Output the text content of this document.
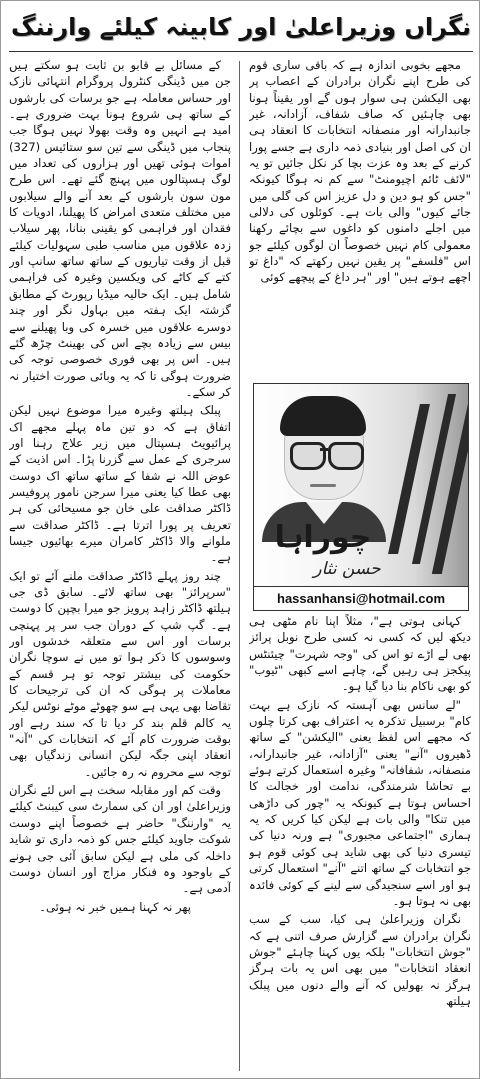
نگراں وزیراعلیٰ اور کابینہ کیلئے وارننگ

مجھے بخوبی اندازہ ہے کہ باقی ساری قوم کی طرح اپنے نگران برادران کے اعصاب پر بھی الیکشن ہی سوار ہوں گے اور یقیناً ہونا بھی چاہئیں کہ صاف شفاف، آزادانہ، غیر جانبدارانہ اور منصفانہ انتخابات کا انعقاد ہی ان کی اصل اور بنیادی ذمہ داری ہے جسے پورا کرنے کے بعد وہ عزت بچا کر نکل جائیں تو یہ "لائف ٹائم اچیومنٹ" سے کم نہ ہوگا کیونکہ "جس کو ہو دین و دل عزیز اس کی گلی میں جائے کیوں" والی بات ہے۔ کوئلوں کی دلالی میں اجلے دامنوں کو داغوں سے بچائے رکھنا معمولی کام نہیں خصوصاً ان لوگوں کیلئے جو اس "فلسفے" پر یقین نہیں رکھتے کہ "داغ تو اچھے ہوتے ہیں" اور "ہر داغ کے پیچھے کوئی

چوراہا
حسن نثار
hassanhansi@hotmail.com

کہانی ہوتی ہے"، مثلاً اپنا نام مٹھی ہی دیکھ لیں کہ کسی نہ کسی طرح نوبل پرائز بھی لے اڑے تو اس کی "وجہ شہرت" چیئنٹس پیکجز ہی رہیں گے، چاہے اسے کبھی "ٹیوب" کو بھی ناکام بنا دیا گیا ہو۔

"لے سانس بھی آہستہ کہ نازک ہے بہت کام" برسبیل تذکرہ یہ اعتراف بھی کرتا چلوں کہ مجھے اس لفظ یعنی "الیکشن" کے ساتھ ڈھیروں "آنے" یعنی "آزادانہ، غیر جانبدارانہ، منصفانہ، شفافانہ" وغیرہ استعمال کرتے ہوئے بے تحاشا شرمندگی، ندامت اور خجالت کا احساس ہوتا ہے کیونکہ یہ "چور کی داڑھی میں تنکا" والی بات ہے لیکن کیا کریں کہ یہ ہماری "اجتماعی مجبوری" ہے ورنہ دنیا کی تیسری دنیا کی بھی شاید ہی کوئی قوم ہو جو انتخابات کے ساتھ اتنے "آنے" استعمال کرتی ہو اور اسے سنجیدگی سے لینے کے کوئی فائدہ بھی نہ ہوتا ہو۔

نگران وزیراعلیٰ ہی کیا، سب کے سب نگران برادران سے گزارش صرف اتنی ہے کہ "جوش انتخابات" بلکہ یوں کہنا چاہئے "جوش انعقاد انتخابات" میں بھی اس یہ بات ہرگز ہرگز نہ بھولیں کہ آنے والے دنوں میں پبلک ہیلتھ

کے مسائل بے قابو بن ثابت ہو سکتے ہیں جن میں ڈینگی کنٹرول پروگرام انتہائی نازک اور حساس معاملہ ہے جو برسات کی بارشوں کے ساتھ ہی شروع ہونا بہت ضروری ہے۔ امید ہے انہیں وہ وقت بھولا نہیں ہوگا جب پنجاب میں ڈینگی سے تین سو ستائیس (327) اموات ہوئی تھیں اور ہزاروں کی تعداد میں لوگ ہسپتالوں میں پہنچ گئے تھے۔ اس طرح مون سون بارشوں کے بعد آنے والے سیلابوں میں مختلف متعدی امراض کا پھیلنا، ادویات کا فقدان اور فراہمی کو یقینی بنانا، پھر سیلاب زدہ علاقوں میں مناسب طبی سہولیات کیلئے قبل از وقت تیاریوں کے ساتھ ساتھ سانپ اور کتے کے کاٹے کی ویکسین وغیرہ کی فراہمی شامل ہیں۔ ایک حالیہ میڈیا رپورٹ کے مطابق گزشتہ ایک ہفتہ میں بہاول نگر اور چند دوسرے علاقوں میں خسرہ کی وبا پھیلنے سے بیس سے زیادہ بچے اس کی بھینٹ چڑھ گئے ہیں۔ اس پر بھی فوری خصوصی توجہ کی ضرورت ہوگی تا کہ یہ وبائی صورت اختیار نہ کر سکے۔

پبلک ہیلتھ وغیرہ میرا موضوع نہیں لیکن اتفاق ہے کہ دو تین ماہ پہلے مجھے اک پرائیویٹ ہسپتال میں زیر علاج رہنا اور سرجری کے عمل سے گزرنا پڑا۔ اس اذیت کے عوض اللہ نے شفا کے ساتھ ساتھ اک دوست بھی عطا کیا یعنی میرا سرجن نامور پروفیسر ڈاکٹر صداقت علی خان جو مسیحائی کی ہر تعریف پر پورا اترتا ہے۔ ڈاکٹر صداقت سے ملوانے والا ڈاکٹر کامران میرے بھائیوں جیسا ہے۔

چند روز پہلے ڈاکٹر صداقت ملنے آئے تو ایک "سرپرائز" بھی ساتھ لائے۔ سابق ڈی جی ہیلتھ ڈاکٹر زاہد پرویز جو میرا بچپن کا دوست ہے۔ گپ شپ کے دوران جب سر پر پہنچی برسات اور اس سے متعلقہ خدشوں اور وسوسوں کا ذکر ہوا تو میں نے سوچا نگران حکومت کی بیشتر توجہ تو ہر قسم کے معاملات پر ہوگی کہ ان کی ترجیحات کا تقاضا بھی یہی ہے سو چھوٹے موٹے نوٹس لیکر یہ کالم قلم بند کر دیا تا کہ سند رہے اور بوقت ضرورت کام آئے کہ انتخابات کی "آنہ" انعقاد اپنی جگہ لیکن انسانی زندگیاں بھی توجہ سے محروم نہ رہ جائیں۔

وقت کم اور مقابلہ سخت ہے اس لئے نگران وزیراعلیٰ اور ان کی سمارٹ سی کیبنٹ کیلئے یہ "وارننگ" حاضر ہے خصوصاً اپنے دوست شوکت جاوید کیلئے جس کو ذمہ داری تو شاید داخلہ کی ملی ہے لیکن سابق آئی جی ہونے کے باوجود وہ فنکار مزاج اور انسان دوست آدمی ہے۔

پھر نہ کہنا ہمیں خبر نہ ہوئی۔
